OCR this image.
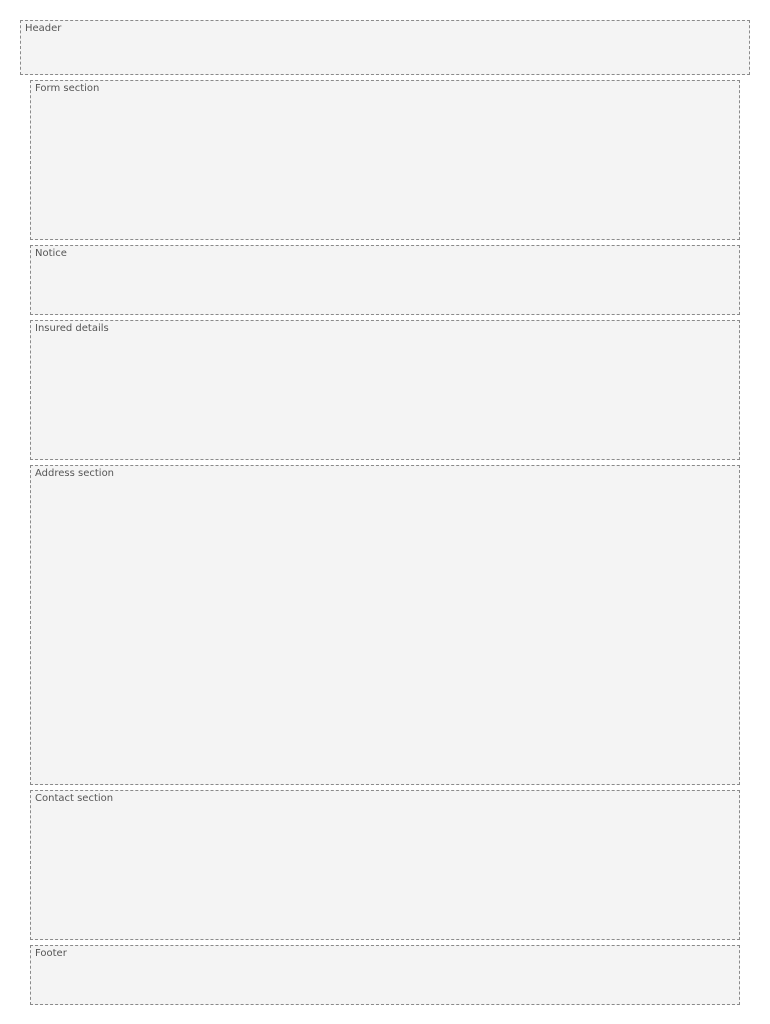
Header
Form section
Notice
Insured details
Address section
Contact section
Footer
